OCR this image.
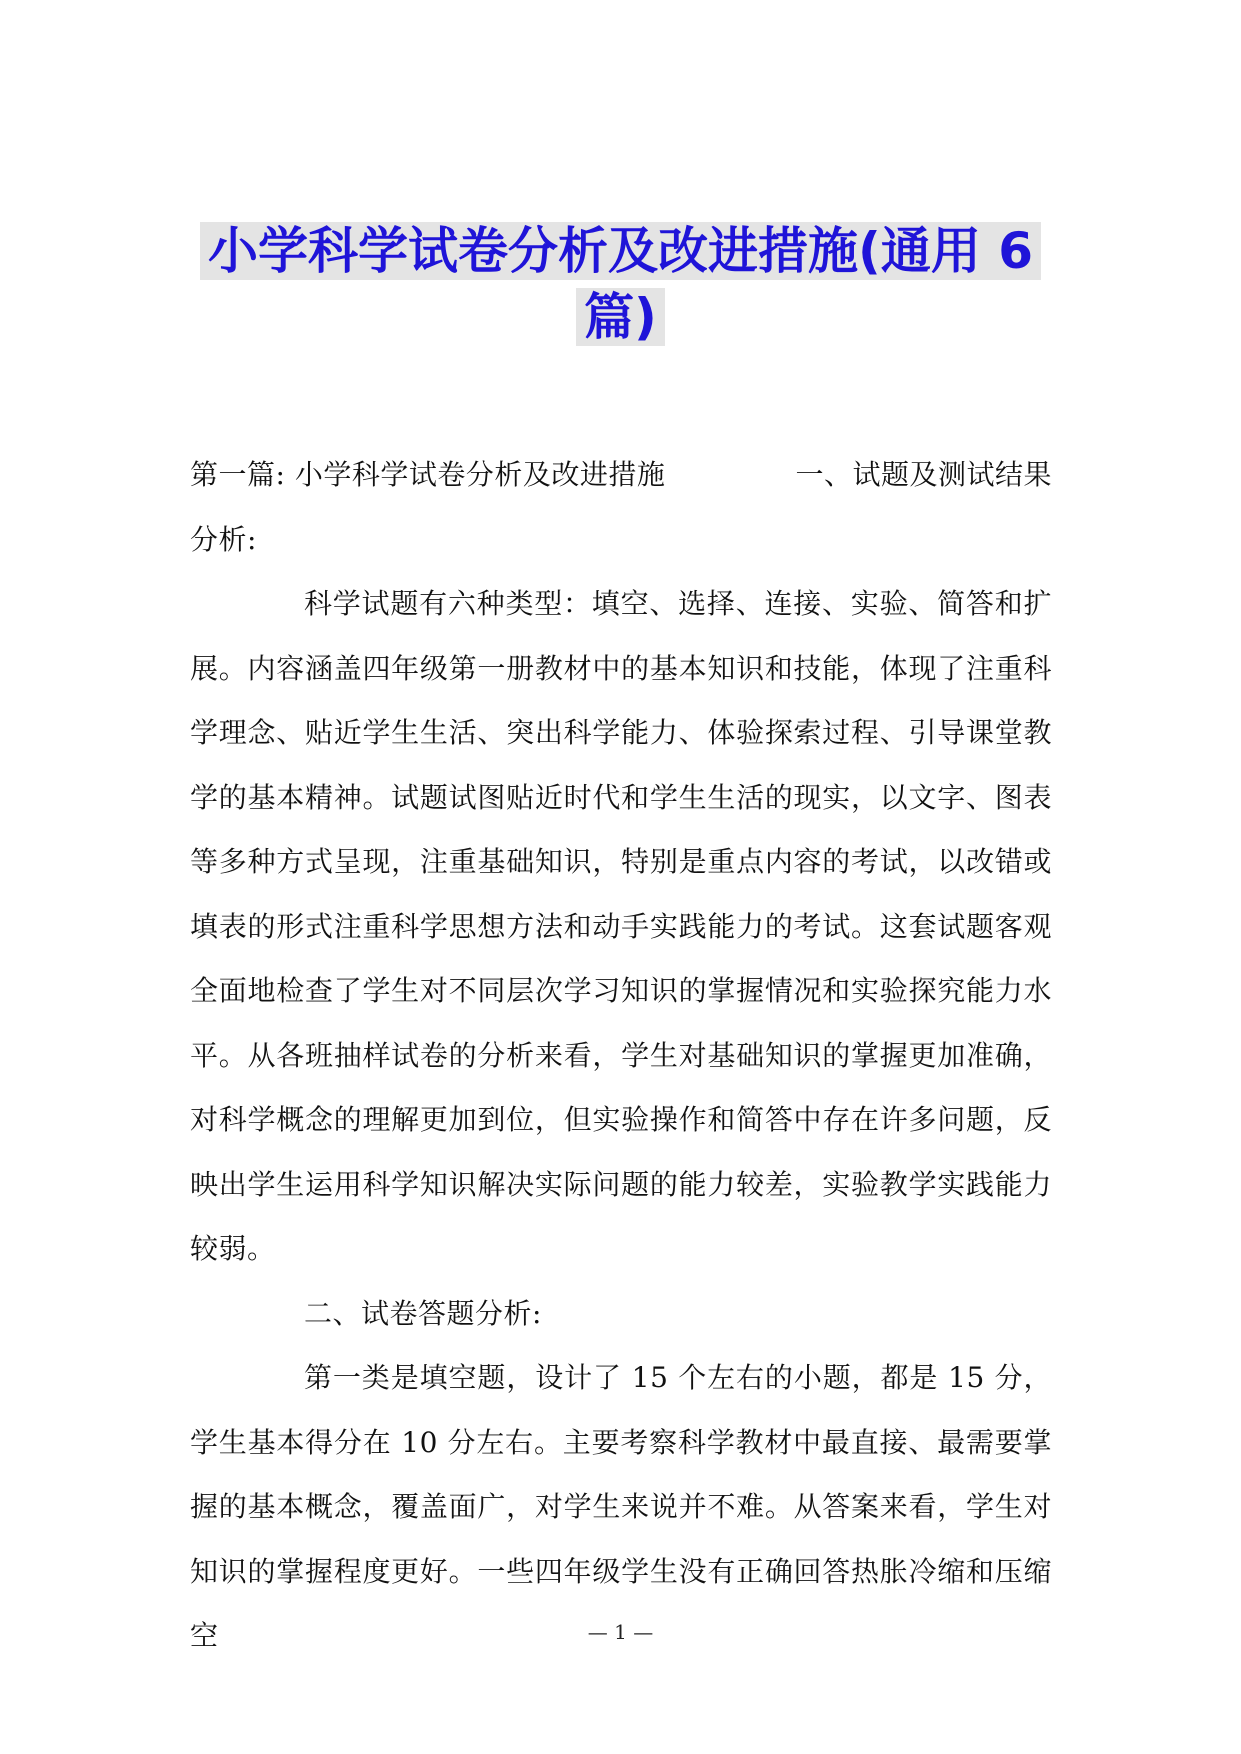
小学科学试卷分析及改进措施(通用 6
篇)
第一篇: 小学科学试卷分析及改进措施	一、试题及测试结果

分析:

科学试题有六种类型：填空、选择、连接、实验、简答和扩展。内容涵盖四年级第一册教材中的基本知识和技能，体现了注重科学理念、贴近学生生活、突出科学能力、体验探索过程、引导课堂教学的基本精神。试题试图贴近时代和学生生活的现实，以文字、图表等多种方式呈现，注重基础知识，特别是重点内容的考试，以改错或填表的形式注重科学思想方法和动手实践能力的考试。这套试题客观全面地检查了学生对不同层次学习知识的掌握情况和实验探究能力水平。从各班抽样试卷的分析来看，学生对基础知识的掌握更加准确，对科学概念的理解更加到位，但实验操作和简答中存在许多问题，反映出学生运用科学知识解决实际问题的能力较差，实验教学实践能力较弱。

二、试卷答题分析:

第一类是填空题，设计了 15 个左右的小题，都是 15 分，学生基本得分在 10 分左右。主要考察科学教材中最直接、最需要掌握的基本概念，覆盖面广，对学生来说并不难。从答案来看，学生对知识的掌握程度更好。一些四年级学生没有正确回答热胀冷缩和压缩空	— 1 —
